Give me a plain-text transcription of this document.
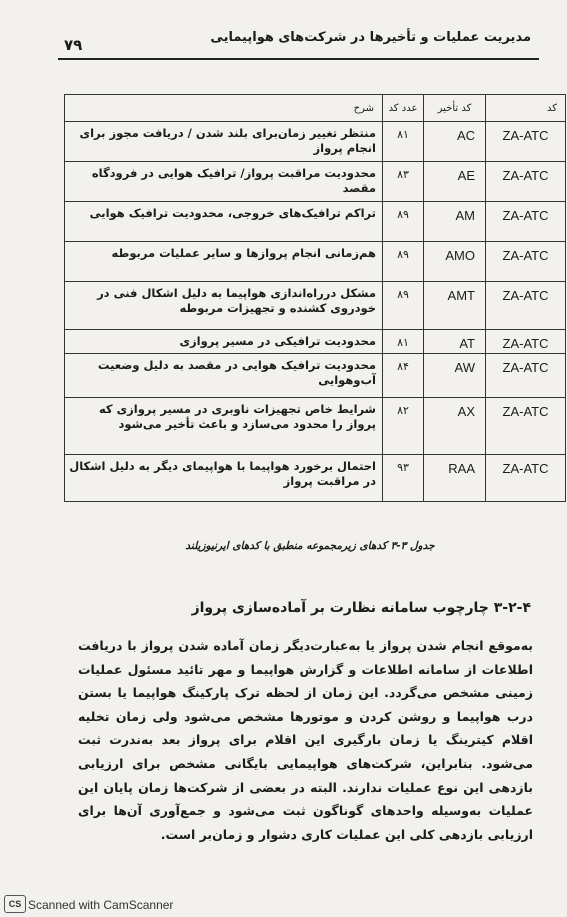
مدیریت عملیات و تأخیرها در شرکت‌های هواپیمایی
۷۹
شرح	عدد کد	کد تأخیر	کد
منتظر تغییر زمان‌برای بلند شدن / دریافت مجوز برای انجام پرواز	۸۱	AC	ZA-ATC
محدودیت مراقبت پرواز/ ترافیک هوایی در فرودگاه مقصد	۸۳	AE	ZA-ATC
تراکم ترافیک‌های خروجی، محدودیت ترافیک هوایی	۸۹	AM	ZA-ATC
هم‌زمانی انجام پروازها و سایر عملیات مربوطه	۸۹	AMO	ZA-ATC
مشکل درراه‌اندازی هواپیما به دلیل اشکال فنی در خودروی کشنده و تجهیزات مربوطه	۸۹	AMT	ZA-ATC
محدودیت ترافیکی در مسیر پروازی	۸۱	AT	ZA-ATC
محدودیت ترافیک هوایی در مقصد به دلیل وضعیت آب‌وهوایی	۸۴	AW	ZA-ATC
شرایط خاص تجهیزات ناوبری در مسیر پروازی که پرواز را محدود می‌سازد و باعث تأخیر می‌شود	۸۲	AX	ZA-ATC
احتمال برخورد هواپیما با هواپیمای دیگر به دلیل اشکال در مراقبت پرواز	۹۳	RAA	ZA-ATC
جدول ۳-۳ کدهای زیرمجموعه منطبق با کدهای ایرنیوزیلند
۳-۲-۴ چارچوب سامانه نظارت بر آماده‌سازی پرواز
به‌موقع انجام شدن پرواز یا به‌عبارت‌دیگر زمان آماده شدن پرواز با دریافت اطلاعات از سامانه اطلاعات و گزارش هواپیما و مهر تائید مسئول عملیات زمینی مشخص می‌گردد. این زمان از لحظه ترک پارکینگ هواپیما یا بستن درب هواپیما و روشن کردن و موتورها مشخص می‌شود ولی زمان تخلیه اقلام کیترینگ یا زمان بارگیری این اقلام برای پرواز بعد به‌ندرت ثبت می‌شود. بنابراین، شرکت‌های هواپیمایی بایگانی مشخص برای ارزیابی بازدهی این نوع عملیات ندارند. البته در بعضی از شرکت‌ها زمان پایان این عملیات به‌وسیله واحدهای گوناگون ثبت می‌شود و جمع‌آوری آن‌ها برای ارزیابی بازدهی کلی این عملیات کاری دشوار و زمان‌بر است.
CS Scanned with CamScanner
